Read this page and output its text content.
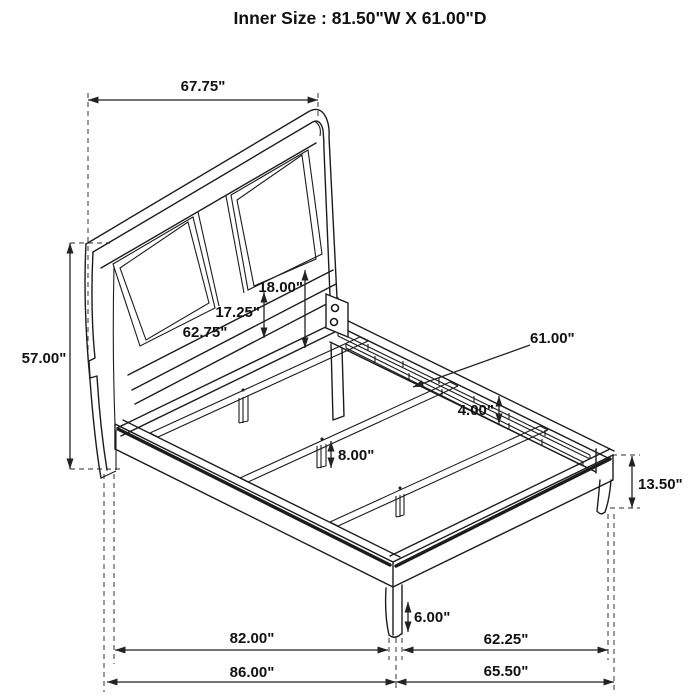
Inner Size : 81.50"W X 61.00"D
67.75"
57.00"
62.75"
17.25"
18.00"
61.00"
4.00"
8.00"
13.50"
6.00"
82.00"	62.25"
86.00"	65.50"
